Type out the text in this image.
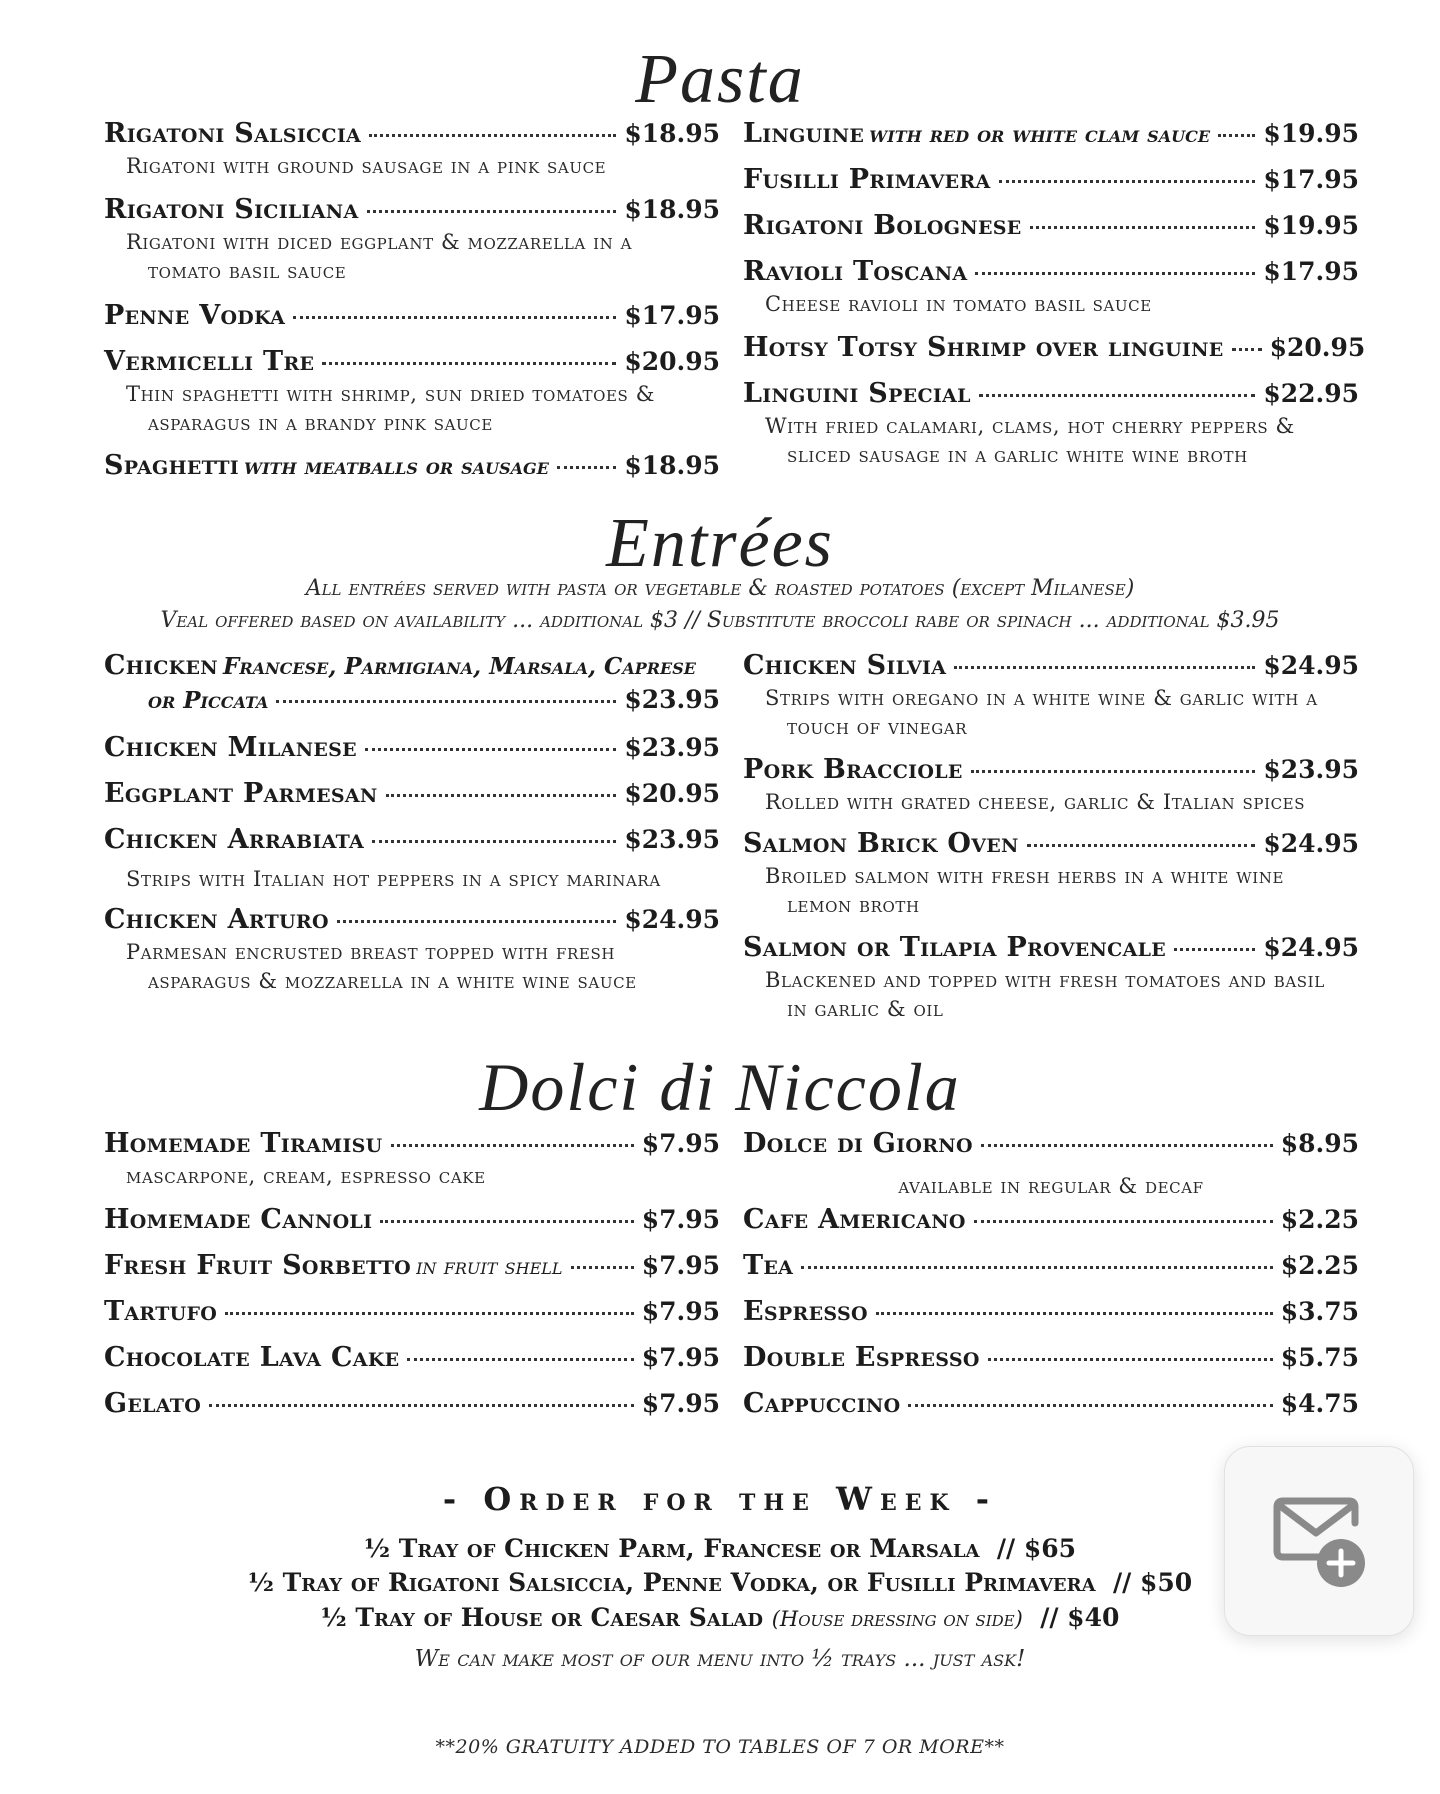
Pasta
Entrées
Dolci di Niccola
Rigatoni Salsiccia	$18.95
Rigatoni with ground sausage in a pink sauce
Rigatoni Siciliana	$18.95
Rigatoni with diced eggplant & mozzarella in a
tomato basil sauce
Penne Vodka	$17.95
Vermicelli Tre	$20.95
Thin spaghetti with shrimp, sun dried tomatoes &
asparagus in a brandy pink sauce
Spaghetti
with meatballs or sausage	$18.95
Linguine
with red or white clam sauce $19.95
Fusilli Primavera	$17.95
Rigatoni Bolognese	$19.95
Ravioli Toscana	$17.95
Cheese ravioli in tomato basil sauce
Hotsy Totsy Shrimp over linguine $20.95
Linguini Special	$22.95
With fried calamari, clams, hot cherry peppers &
sliced sausage in a garlic white wine broth
All entrées served with pasta or vegetable & roasted potatoes (except Milanese)
Veal offered based on availability ... additional $3 // Substitute broccoli rabe or spinach ... additional $3.95
Chicken
Francese, Parmigiana, Marsala, Caprese
or Piccata	$23.95
Chicken Milanese	$23.95
Eggplant Parmesan	$20.95
Chicken Arrabiata	$23.95
Strips with Italian hot peppers in a spicy marinara
Chicken Arturo	$24.95
Parmesan encrusted breast topped with fresh
asparagus & mozzarella in a white wine sauce
Chicken Silvia	$24.95
Strips with oregano in a white wine & garlic with a
touch of vinegar
Pork Bracciole	$23.95
Rolled with grated cheese, garlic & Italian spices
Salmon Brick Oven	$24.95
Broiled salmon with fresh herbs in a white wine
lemon broth
Salmon or Tilapia Provencale	$24.95
Blackened and topped with fresh tomatoes and basil
in garlic & oil
Homemade Tiramisu	$7.95
mascarpone, cream, espresso cake
Homemade Cannoli	$7.95
Fresh Fruit Sorbetto
in fruit shell	$7.95
Tartufo	$7.95
Chocolate Lava Cake	$7.95
Gelato	$7.95
Dolce di Giorno	$8.95
available in regular & decaf
Cafe Americano	$2.25
Tea	$2.25
Espresso	$3.75
Double Espresso	$5.75
Cappuccino	$4.75
- Order for the Week -
½ Tray of Chicken Parm, Francese or Marsala // $65
½ Tray of Rigatoni Salsiccia, Penne Vodka, or Fusilli Primavera // $50
½ Tray of House or Caesar Salad (House dressing on side) // $40
We can make most of our menu into ½ trays ... just ask!
**20% GRATUITY ADDED TO TABLES OF 7 OR MORE**
